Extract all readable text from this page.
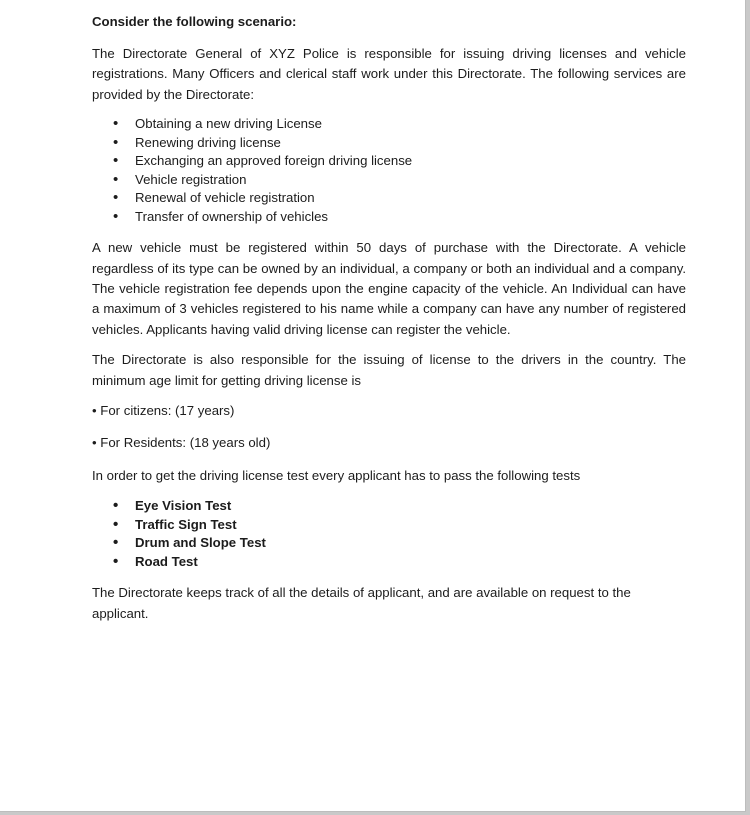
Consider the following scenario:

The Directorate General of XYZ Police is responsible for issuing driving licenses and vehicle registrations. Many Officers and clerical staff work under this Directorate. The following services are provided by the Directorate:

• Obtaining a new driving License
• Renewing driving license
• Exchanging an approved foreign driving license
• Vehicle registration
• Renewal of vehicle registration
• Transfer of ownership of vehicles

A new vehicle must be registered within 50 days of purchase with the Directorate. A vehicle regardless of its type can be owned by an individual, a company or both an individual and a company. The vehicle registration fee depends upon the engine capacity of the vehicle. An Individual can have a maximum of 3 vehicles registered to his name while a company can have any number of registered vehicles. Applicants having valid driving license can register the vehicle.

The Directorate is also responsible for the issuing of license to the drivers in the country. The minimum age limit for getting driving license is

• For citizens: (17 years)

• For Residents: (18 years old)

In order to get the driving license test every applicant has to pass the following tests

• Eye Vision Test
• Traffic Sign Test
• Drum and Slope Test
• Road Test

The Directorate keeps track of all the details of applicant, and are available on request to the applicant.
